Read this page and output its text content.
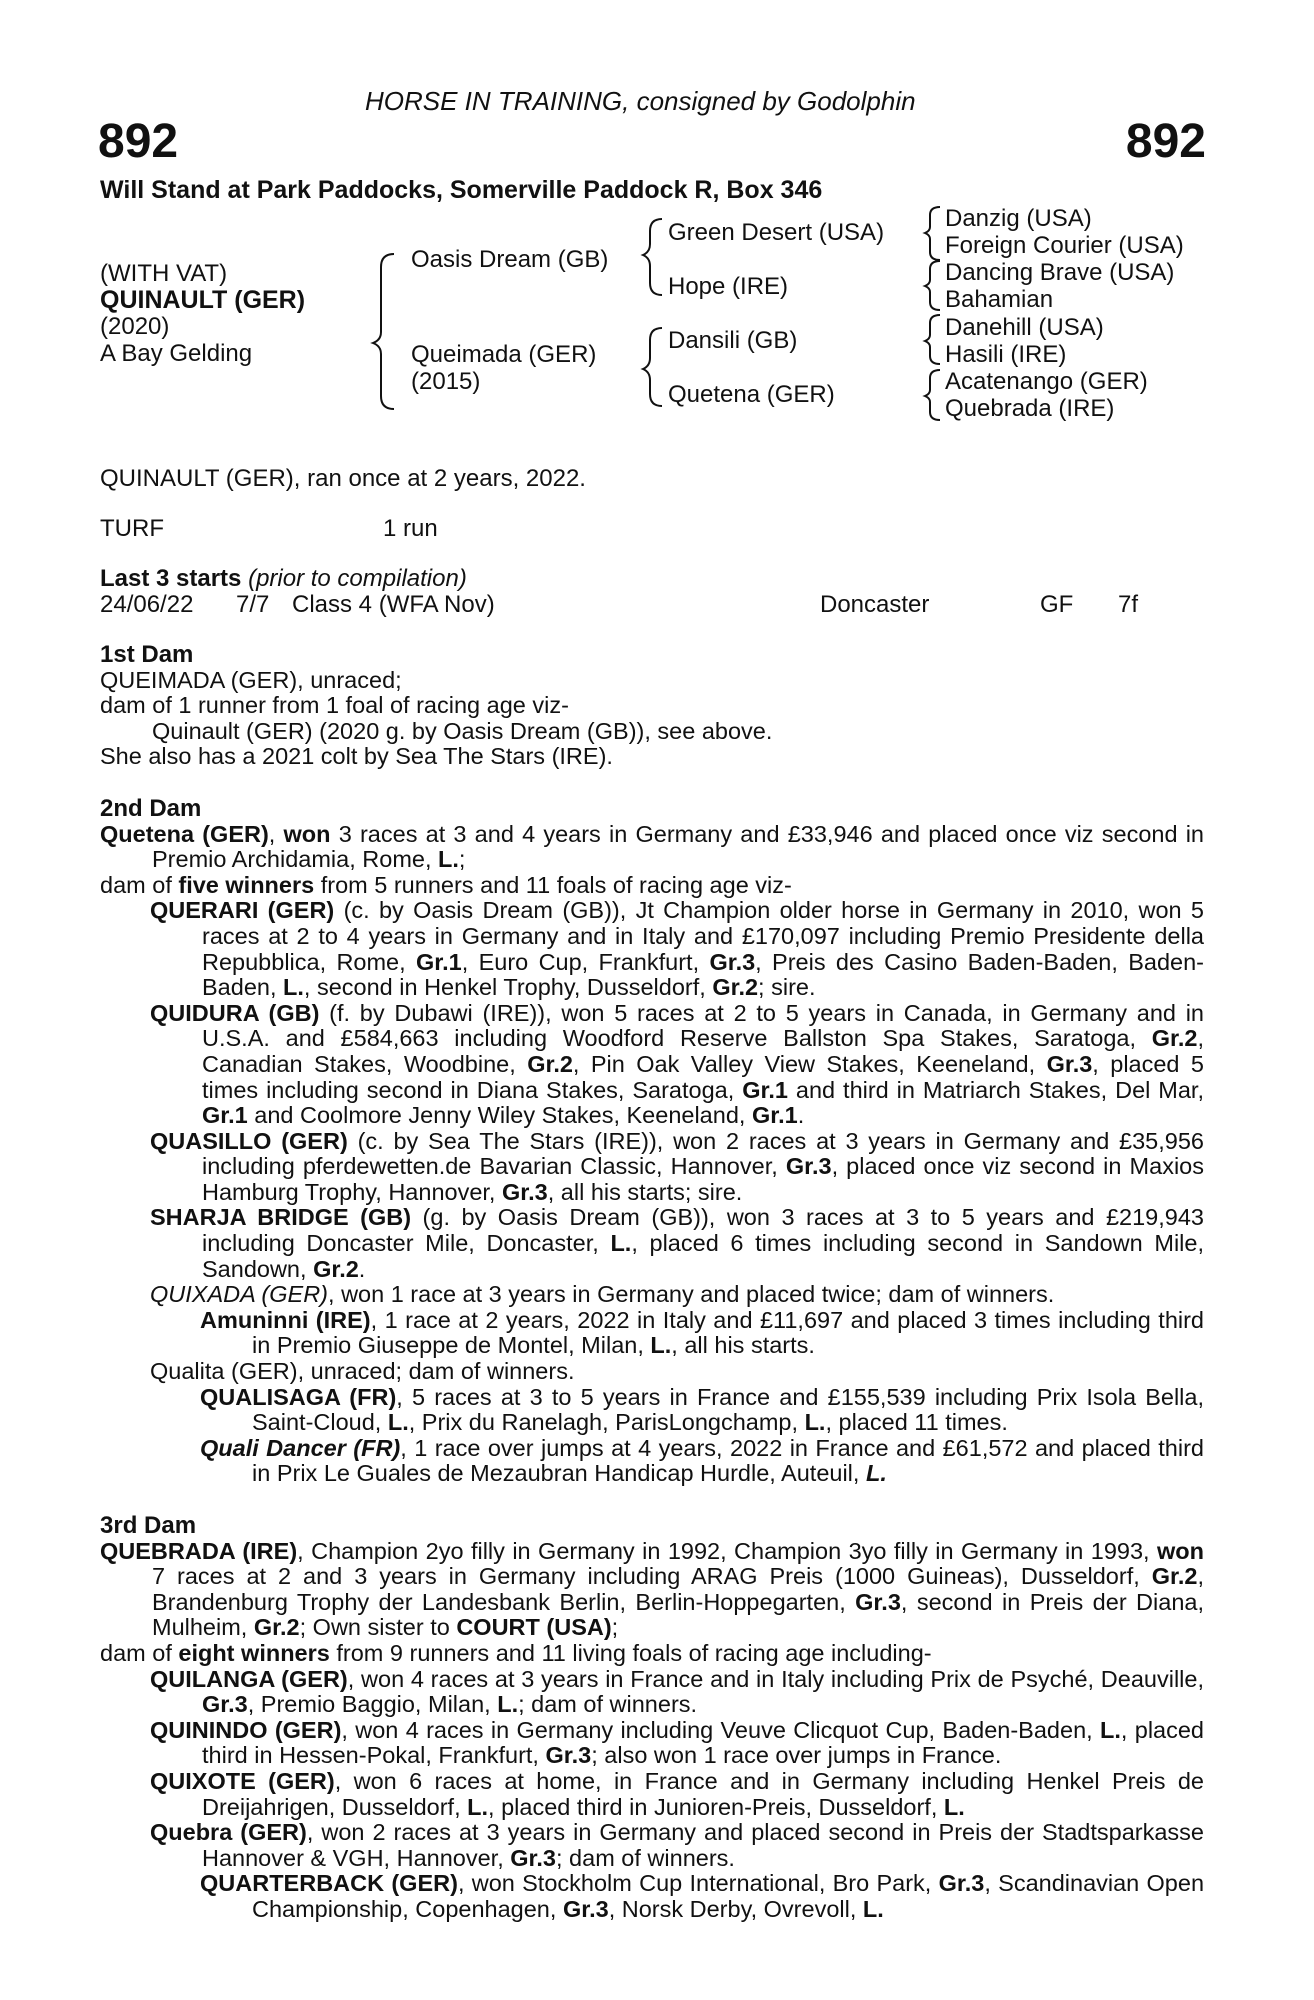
HORSE IN TRAINING, consigned by Godolphin
892	892
Will Stand at Park Paddocks, Somerville Paddock R, Box 346
(WITH VAT)
QUINAULT (GER)
(2020)
A Bay Gelding
Oasis Dream (GB)
Queimada (GER)
(2015)
Green Desert (USA)
Hope (IRE)
Dansili (GB)
Quetena (GER)
Danzig (USA)
Foreign Courier (USA)
Dancing Brave (USA)
Bahamian
Danehill (USA)
Hasili (IRE)
Acatenango (GER)
Quebrada (IRE)
QUINAULT (GER), ran once at 2 years, 2022.
TURF	1 run
Last 3 starts (prior to compilation)
24/06/22 7/7 Class 4 (WFA Nov)	Doncaster	GF 7f
1st Dam
QUEIMADA (GER), unraced;
dam of 1 runner from 1 foal of racing age viz-
Quinault (GER) (2020 g. by Oasis Dream (GB)), see above.
She also has a 2021 colt by Sea The Stars (IRE).
2nd Dam
Quetena (GER), won 3 races at 3 and 4 years in Germany and £33,946 and placed once viz second in Premio Archidamia, Rome, L.;
dam of five winners from 5 runners and 11 foals of racing age viz-
QUERARI (GER) (c. by Oasis Dream (GB)), Jt Champion older horse in Germany in 2010, won 5 races at 2 to 4 years in Germany and in Italy and £170,097 including Premio Presidente della Repubblica, Rome, Gr.1, Euro Cup, Frankfurt, Gr.3, Preis des Casino Baden-Baden, Baden-Baden, L., second in Henkel Trophy, Dusseldorf, Gr.2; sire.
QUIDURA (GB) (f. by Dubawi (IRE)), won 5 races at 2 to 5 years in Canada, in Germany and in U.S.A. and £584,663 including Woodford Reserve Ballston Spa Stakes, Saratoga, Gr.2, Canadian Stakes, Woodbine, Gr.2, Pin Oak Valley View Stakes, Keeneland, Gr.3, placed 5 times including second in Diana Stakes, Saratoga, Gr.1 and third in Matriarch Stakes, Del Mar, Gr.1 and Coolmore Jenny Wiley Stakes, Keeneland, Gr.1.
QUASILLO (GER) (c. by Sea The Stars (IRE)), won 2 races at 3 years in Germany and £35,956 including pferdewetten.de Bavarian Classic, Hannover, Gr.3, placed once viz second in Maxios Hamburg Trophy, Hannover, Gr.3, all his starts; sire.
SHARJA BRIDGE (GB) (g. by Oasis Dream (GB)), won 3 races at 3 to 5 years and £219,943 including Doncaster Mile, Doncaster, L., placed 6 times including second in Sandown Mile, Sandown, Gr.2.
QUIXADA (GER), won 1 race at 3 years in Germany and placed twice; dam of winners.
Amuninni (IRE), 1 race at 2 years, 2022 in Italy and £11,697 and placed 3 times including third in Premio Giuseppe de Montel, Milan, L., all his starts.
Qualita (GER), unraced; dam of winners.
QUALISAGA (FR), 5 races at 3 to 5 years in France and £155,539 including Prix Isola Bella, Saint-Cloud, L., Prix du Ranelagh, ParisLongchamp, L., placed 11 times.
Quali Dancer (FR), 1 race over jumps at 4 years, 2022 in France and £61,572 and placed third in Prix Le Guales de Mezaubran Handicap Hurdle, Auteuil, L.
3rd Dam
QUEBRADA (IRE), Champion 2yo filly in Germany in 1992, Champion 3yo filly in Germany in 1993, won 7 races at 2 and 3 years in Germany including ARAG Preis (1000 Guineas), Dusseldorf, Gr.2, Brandenburg Trophy der Landesbank Berlin, Berlin-Hoppegarten, Gr.3, second in Preis der Diana, Mulheim, Gr.2; Own sister to COURT (USA);
dam of eight winners from 9 runners and 11 living foals of racing age including-
QUILANGA (GER), won 4 races at 3 years in France and in Italy including Prix de Psyché, Deauville, Gr.3, Premio Baggio, Milan, L.; dam of winners.
QUININDO (GER), won 4 races in Germany including Veuve Clicquot Cup, Baden-Baden, L., placed third in Hessen-Pokal, Frankfurt, Gr.3; also won 1 race over jumps in France.
QUIXOTE (GER), won 6 races at home, in France and in Germany including Henkel Preis de Dreijahrigen, Dusseldorf, L., placed third in Junioren-Preis, Dusseldorf, L.
Quebra (GER), won 2 races at 3 years in Germany and placed second in Preis der Stadtsparkasse Hannover & VGH, Hannover, Gr.3; dam of winners.
QUARTERBACK (GER), won Stockholm Cup International, Bro Park, Gr.3, Scandinavian Open Championship, Copenhagen, Gr.3, Norsk Derby, Ovrevoll, L.
